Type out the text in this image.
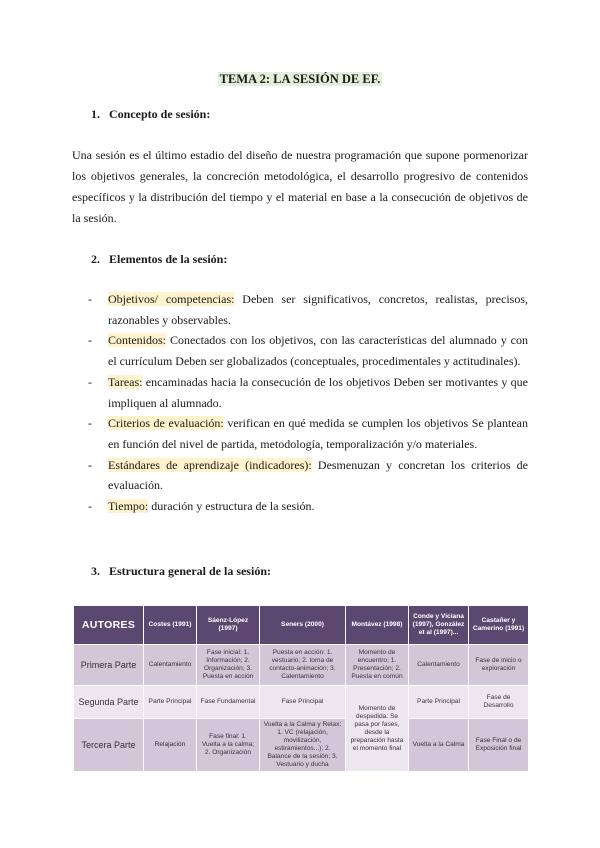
TEMA 2: LA SESIÓN DE EF.
1. Concepto de sesión:
Una sesión es el último estadio del diseño de nuestra programación que supone pormenorizar los objetivos generales, la concreción metodológica, el desarrollo progresivo de contenidos específicos y la distribución del tiempo y el material en base a la consecución de objetivos de la sesión.
2. Elementos de la sesión:
- Objetivos/ competencias: Deben ser significativos, concretos, realistas, precisos, razonables y observables.
- Contenidos: Conectados con los objetivos, con las características del alumnado y con el currículum Deben ser globalizados (conceptuales, procedimentales y actitudinales).
- Tareas: encaminadas hacia la consecución de los objetivos Deben ser motivantes y que impliquen al alumnado.
- Criterios de evaluación: verifican en qué medida se cumplen los objetivos Se plantean en función del nivel de partida, metodología, temporalización y/o materiales.
- Estándares de aprendizaje (indicadores): Desmenuzan y concretan los criterios de evaluación.
- Tiempo: duración y estructura de la sesión.
3. Estructura general de la sesión:
AUTORES	Costes (1991)	Sáenz-López (1997)	Seners (2000)	Montávez (1998)	Conde y Viciana (1997), González et al (1997)...	Castañer y Camerino (1991)
Primera Parte	Calentamiento	Fase inicial: 1. Información; 2. Organización; 3. Puesta en acción	Puesta en acción: 1. vestuario; 2. toma de contacto-animación; 3. Calentamiento	Momento de encuentro; 1. Presentación; 2. Puesta en común	Calentamiento	Fase de inicio o exploración
Segunda Parte	Parte Principal	Fase Fundamental	Fase Principal	Momento de despedida: Se pasa por fases, desde la preparación hasta el momento final	Parte Principal	Fase de Desarrollo
Tercera Parte	Relajación	Fase final: 1. Vuelta a la calma; 2. Organización	Vuelta a la Calma y Relax: 1. VC (relajación, movilización, estiramientos...); 2. Balance de la sesión; 3. Vestuario y ducha		Vuelta a la Calma	Fase Final o de Exposición final
